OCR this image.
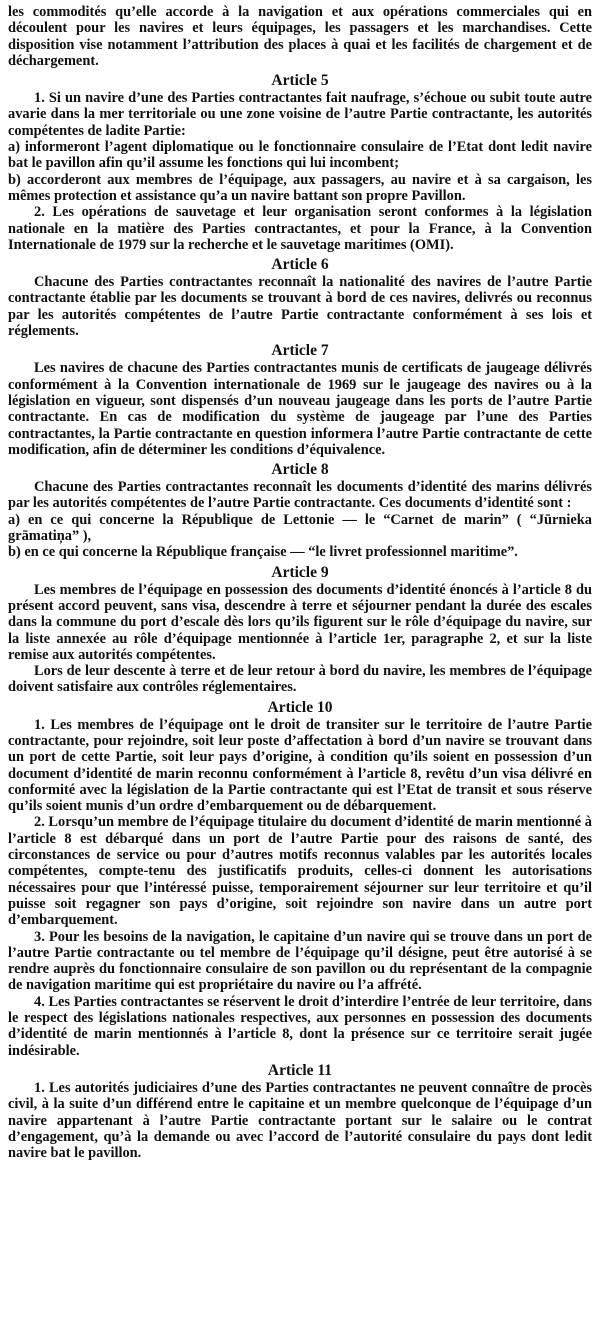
les commodités qu’elle accorde à la navigation et aux opérations commerciales qui en découlent pour les navires et leurs équipages, les passagers et les marchandises. Cette disposition vise notamment l’attribution des places à quai et les facilités de chargement et de déchargement.

Article 5

1. Si un navire d’une des Parties contractantes fait naufrage, s’échoue ou subit toute autre avarie dans la mer territoriale ou une zone voisine de l’autre Partie contractante, les autorités compétentes de ladite Partie:

a) informeront l’agent diplomatique ou le fonctionnaire consulaire de l’Etat dont ledit navire bat le pavillon afin qu’il assume les fonctions qui lui incombent;

b) accorderont aux membres de l’équipage, aux passagers, au navire et à sa cargaison, les mêmes protection et assistance qu’a un navire battant son propre Pavillon.

2. Les opérations de sauvetage et leur organisation seront conformes à la législation nationale en la matière des Parties contractantes, et pour la France, à la Convention Internationale de 1979 sur la recherche et le sauvetage maritimes (OMI).

Article 6

Chacune des Parties contractantes reconnaît la nationalité des navires de l’autre Partie contractante établie par les documents se trouvant à bord de ces navires, delivrés ou reconnus par les autorités compétentes de l’autre Partie contractante conformément à ses lois et réglements.

Article 7

Les navires de chacune des Parties contractantes munis de certificats de jaugeage délivrés conformément à la Convention internationale de 1969 sur le jaugeage des navires ou à la législation en vigueur, sont dispensés d’un nouveau jaugeage dans les ports de l’autre Partie contractante. En cas de modification du système de jaugeage par l’une des Parties contractantes, la Partie contractante en question informera l’autre Partie contractante de cette modification, afin de déterminer les conditions d’équivalence.

Article 8

Chacune des Parties contractantes reconnaît les documents d’identité des marins délivrés par les autorités compétentes de l’autre Partie contractante. Ces documents d’identité sont :

a) en ce qui concerne la République de Lettonie — le “Carnet de marin” ( “Jūrnieka grāmatiņa” ),

b) en ce qui concerne la République française — “le livret professionnel maritime”.

Article 9

Les membres de l’équipage en possession des documents d’identité énoncés à l’article 8 du présent accord peuvent, sans visa, descendre à terre et séjourner pendant la durée des escales dans la commune du port d’escale dès lors qu’ils figurent sur le rôle d’équipage du navire, sur la liste annexée au rôle d’équipage mentionnée à l’article 1er, paragraphe 2, et sur la liste remise aux autorités compétentes.

Lors de leur descente à terre et de leur retour à bord du navire, les membres de l’équipage doivent satisfaire aux contrôles réglementaires.

Article 10

1. Les membres de l’équipage ont le droit de transiter sur le territoire de l’autre Partie contractante, pour rejoindre, soit leur poste d’affectation à bord d’un navire se trouvant dans un port de cette Partie, soit leur pays d’origine, à condition qu’ils soient en possession d’un document d’identité de marin reconnu conformément à l’article 8, revêtu d’un visa délivré en conformité avec la législation de la Partie contractante qui est l’Etat de transit et sous réserve qu’ils soient munis d’un ordre d’embarquement ou de débarquement.

2. Lorsqu’un membre de l’équipage titulaire du document d’identité de marin mentionné à l’article 8 est débarqué dans un port de l’autre Partie pour des raisons de santé, des circonstances de service ou pour d’autres motifs reconnus valables par les autorités locales compétentes, compte-tenu des justificatifs produits, celles-ci donnent les autorisations nécessaires pour que l’intéressé puisse, temporairement séjourner sur leur territoire et qu’il puisse soit regagner son pays d’origine, soit rejoindre son navire dans un autre port d’embarquement.

3. Pour les besoins de la navigation, le capitaine d’un navire qui se trouve dans un port de l’autre Partie contractante ou tel membre de l’équipage qu’il désigne, peut être autorisé à se rendre auprès du fonctionnaire consulaire de son pavillon ou du représentant de la compagnie de navigation maritime qui est propriétaire du navire ou l’a affrété.

4. Les Parties contractantes se réservent le droit d’interdire l’entrée de leur territoire, dans le respect des législations nationales respectives, aux personnes en possession des documents d’identité de marin mentionnés à l’article 8, dont la présence sur ce territoire serait jugée indésirable.

Article 11

1. Les autorités judiciaires d’une des Parties contractantes ne peuvent connaître de procès civil, à la suite d’un différend entre le capitaine et un membre quelconque de l’équipage d’un navire appartenant à l’autre Partie contractante portant sur le salaire ou le contrat d’engagement, qu’à la demande ou avec l’accord de l’autorité consulaire du pays dont ledit navire bat le pavillon.
